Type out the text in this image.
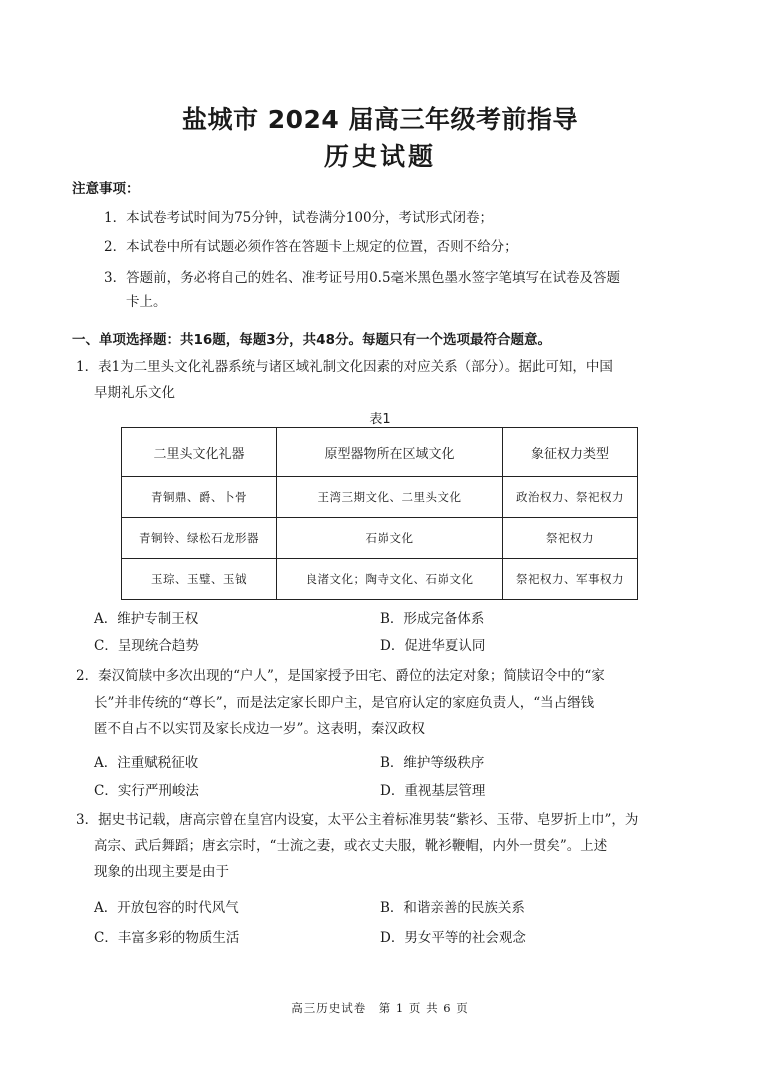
盐城市 2024 届高三年级考前指导
历史试题
注意事项：
1．本试卷考试时间为75分钟，试卷满分100分，考试形式闭卷；
2．本试卷中所有试题必须作答在答题卡上规定的位置，否则不给分；
3．答题前，务必将自己的姓名、准考证号用0.5毫米黑色墨水签字笔填写在试卷及答题
卡上。
一、单项选择题：共16题，每题3分，共48分。每题只有一个选项最符合题意。
1．表1为二里头文化礼器系统与诸区域礼制文化因素的对应关系（部分）。据此可知，中国
早期礼乐文化
表1
二里头文化礼器	原型器物所在区域文化	象征权力类型
青铜鼎、爵、卜骨	王湾三期文化、二里头文化	政治权力、祭祀权力
青铜铃、绿松石龙形器	石峁文化	祭祀权力
玉琮、玉璧、玉钺	良渚文化；陶寺文化、石峁文化	祭祀权力、军事权力
A．维护专制王权	B．形成完备体系
C．呈现统合趋势	D．促进华夏认同
2．秦汉简牍中多次出现的“户人”，是国家授予田宅、爵位的法定对象；简牍诏令中的“家
长”并非传统的“尊长”，而是法定家长即户主，是官府认定的家庭负责人，“当占缗钱
匿不自占不以实罚及家长戍边一岁”。这表明，秦汉政权
A．注重赋税征收	B．维护等级秩序
C．实行严刑峻法	D．重视基层管理
3．据史书记载，唐高宗曾在皇宫内设宴，太平公主着标准男装“紫衫、玉带、皂罗折上巾”，为
高宗、武后舞蹈；唐玄宗时，“士流之妻，或衣丈夫服，靴衫鞭帽，内外一贯矣”。上述
现象的出现主要是由于
A．开放包容的时代风气	B．和谐亲善的民族关系
C．丰富多彩的物质生活	D．男女平等的社会观念
高三历史试卷　第 1 页 共 6 页
